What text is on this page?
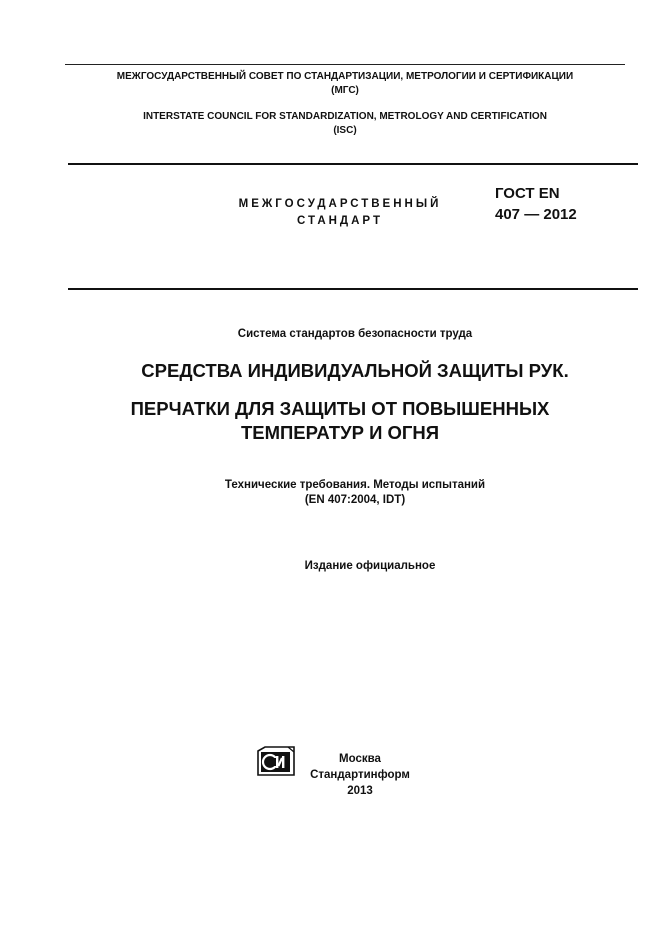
МЕЖГОСУДАРСТВЕННЫЙ СОВЕТ ПО СТАНДАРТИЗАЦИИ, МЕТРОЛОГИИ И СЕРТИФИКАЦИИ
(МГС)
INTERSTATE COUNCIL FOR STANDARDIZATION, METROLOGY AND CERTIFICATION
(ISC)
МЕЖГОСУДАРСТВЕННЫЙ
СТАНДАРТ
ГОСТ EN
407 — 2012
Система стандартов безопасности труда
СРЕДСТВА ИНДИВИДУАЛЬНОЙ ЗАЩИТЫ РУК.
ПЕРЧАТКИ ДЛЯ ЗАЩИТЫ ОТ ПОВЫШЕННЫХ
ТЕМПЕРАТУР И ОГНЯ
Технические требования. Методы испытаний
(EN 407:2004, IDT)
Издание официальное
Москва
Стандартинформ
2013
